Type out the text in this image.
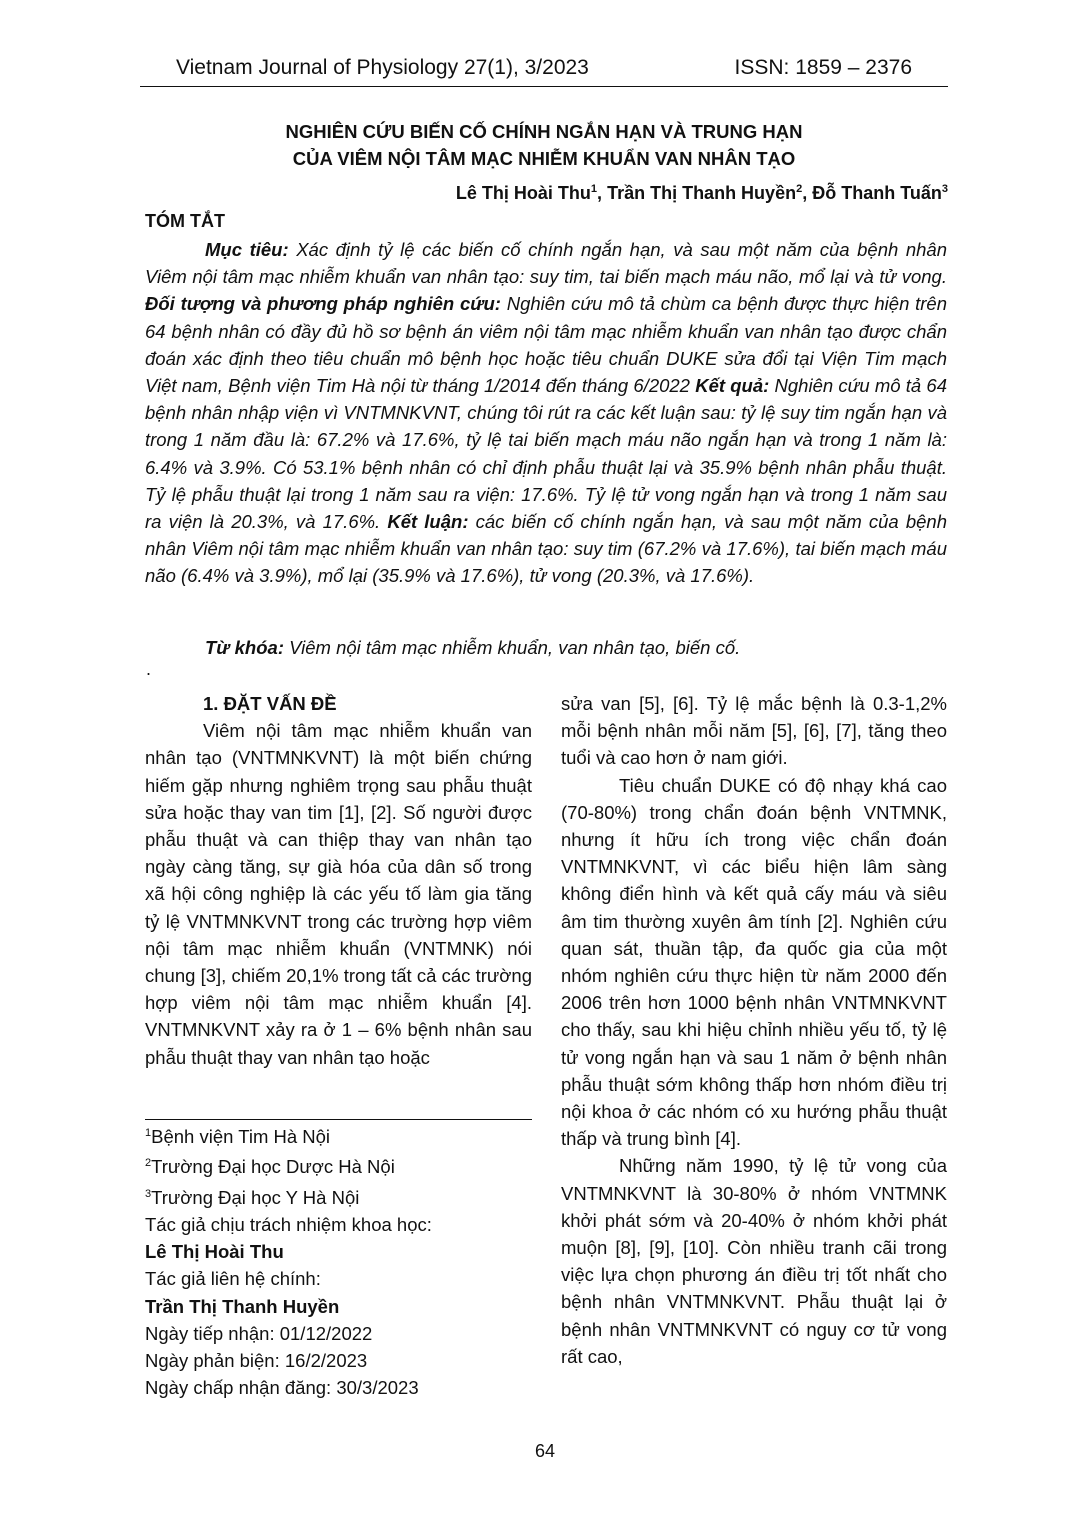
Vietnam Journal of Physiology 27(1), 3/2023	ISSN: 1859 – 2376
NGHIÊN CỨU BIẾN CỐ CHÍNH NGẮN HẠN VÀ TRUNG HẠN
CỦA VIÊM NỘI TÂM MẠC NHIỄM KHUẨN VAN NHÂN TẠO
Lê Thị Hoài Thu$^1$, Trần Thị Thanh Huyền$^2$, Đỗ Thanh Tuấn$^3$
TÓM TẮT

Mục tiêu: Xác định tỷ lệ các biến cố chính ngắn hạn, và sau một năm của bệnh nhân Viêm nội tâm mạc nhiễm khuẩn van nhân tạo: suy tim, tai biến mạch máu não, mổ lại và tử vong. Đối tượng và phương pháp nghiên cứu: Nghiên cứu mô tả chùm ca bệnh được thực hiện trên 64 bệnh nhân có đầy đủ hồ sơ bệnh án viêm nội tâm mạc nhiễm khuẩn van nhân tạo được chẩn đoán xác định theo tiêu chuẩn mô bệnh học hoặc tiêu chuẩn DUKE sửa đổi tại Viện Tim mạch Việt nam, Bệnh viện Tim Hà nội từ tháng 1/2014 đến tháng 6/2022 Kết quả: Nghiên cứu mô tả 64 bệnh nhân nhập viện vì VNTMNKVNT, chúng tôi rút ra các kết luận sau: tỷ lệ suy tim ngắn hạn và trong 1 năm đầu là: 67.2% và 17.6%, tỷ lệ tai biến mạch máu não ngắn hạn và trong 1 năm là: 6.4% và 3.9%. Có 53.1% bệnh nhân có chỉ định phẫu thuật lại và 35.9% bệnh nhân phẫu thuật. Tỷ lệ phẫu thuật lại trong 1 năm sau ra viện: 17.6%. Tỷ lệ tử vong ngắn hạn và trong 1 năm sau ra viện là 20.3%, và 17.6%. Kết luận: các biến cố chính ngắn hạn, và sau một năm của bệnh nhân Viêm nội tâm mạc nhiễm khuẩn van nhân tạo: suy tim (67.2% và 17.6%), tai biến mạch máu não (6.4% và 3.9%), mổ lại (35.9% và 17.6%), tử vong (20.3%, và 17.6%).

Từ khóa: Viêm nội tâm mạc nhiễm khuẩn, van nhân tạo, biến cố.
.

1. ĐẶT VẤN ĐỀ

Viêm nội tâm mạc nhiễm khuẩn van nhân tạo (VNTMNKVNT) là một biến chứng hiếm gặp nhưng nghiêm trọng sau phẫu thuật sửa hoặc thay van tim [1], [2]. Số người được phẫu thuật và can thiệp thay van nhân tạo ngày càng tăng, sự già hóa của dân số trong xã hội công nghiệp là các yếu tố làm gia tăng tỷ lệ VNTMNKVNT trong các trường hợp viêm nội tâm mạc nhiễm khuẩn (VNTMNK) nói chung [3], chiếm 20,1% trong tất cả các trường hợp viêm nội tâm mạc nhiễm khuẩn [4]. VNTMNKVNT xảy ra ở 1 – 6% bệnh nhân sau phẫu thuật thay van nhân tạo hoặc

sửa van [5], [6]. Tỷ lệ mắc bệnh là 0.3-1,2% mỗi bệnh nhân mỗi năm [5], [6], [7], tăng theo tuổi và cao hơn ở nam giới.

Tiêu chuẩn DUKE có độ nhạy khá cao (70-80%) trong chẩn đoán bệnh VNTMNK, nhưng ít hữu ích trong việc chẩn đoán VNTMNKVNT, vì các biểu hiện lâm sàng không điển hình và kết quả cấy máu và siêu âm tim thường xuyên âm tính [2]. Nghiên cứu quan sát, thuần tập, đa quốc gia của một nhóm nghiên cứu thực hiện từ năm 2000 đến 2006 trên hơn 1000 bệnh nhân VNTMNKVNT cho thấy, sau khi hiệu chỉnh nhiều yếu tố, tỷ lệ tử vong ngắn hạn và sau 1 năm ở bệnh nhân phẫu thuật sớm không thấp hơn nhóm điều trị nội khoa ở các nhóm có xu hướng phẫu thuật thấp và trung bình [4].

Những năm 1990, tỷ lệ tử vong của VNTMNKVNT là 30-80% ở nhóm VNTMNK khởi phát sớm và 20-40% ở nhóm khởi phát muộn [8], [9], [10]. Còn nhiều tranh cãi trong việc lựa chọn phương án điều trị tốt nhất cho bệnh nhân VNTMNKVNT. Phẫu thuật lại ở bệnh nhân VNTMNKVNT có nguy cơ tử vong rất cao,

$^1$Bệnh viện Tim Hà Nội
$^2$Trường Đại học Dược Hà Nội
$^3$Trường Đại học Y Hà Nội
Tác giả chịu trách nhiệm khoa học:
Lê Thị Hoài Thu
Tác giả liên hệ chính:
Trần Thị Thanh Huyền
Ngày tiếp nhận: 01/12/2022
Ngày phản biện: 16/2/2023
Ngày chấp nhận đăng: 30/3/2023
64
